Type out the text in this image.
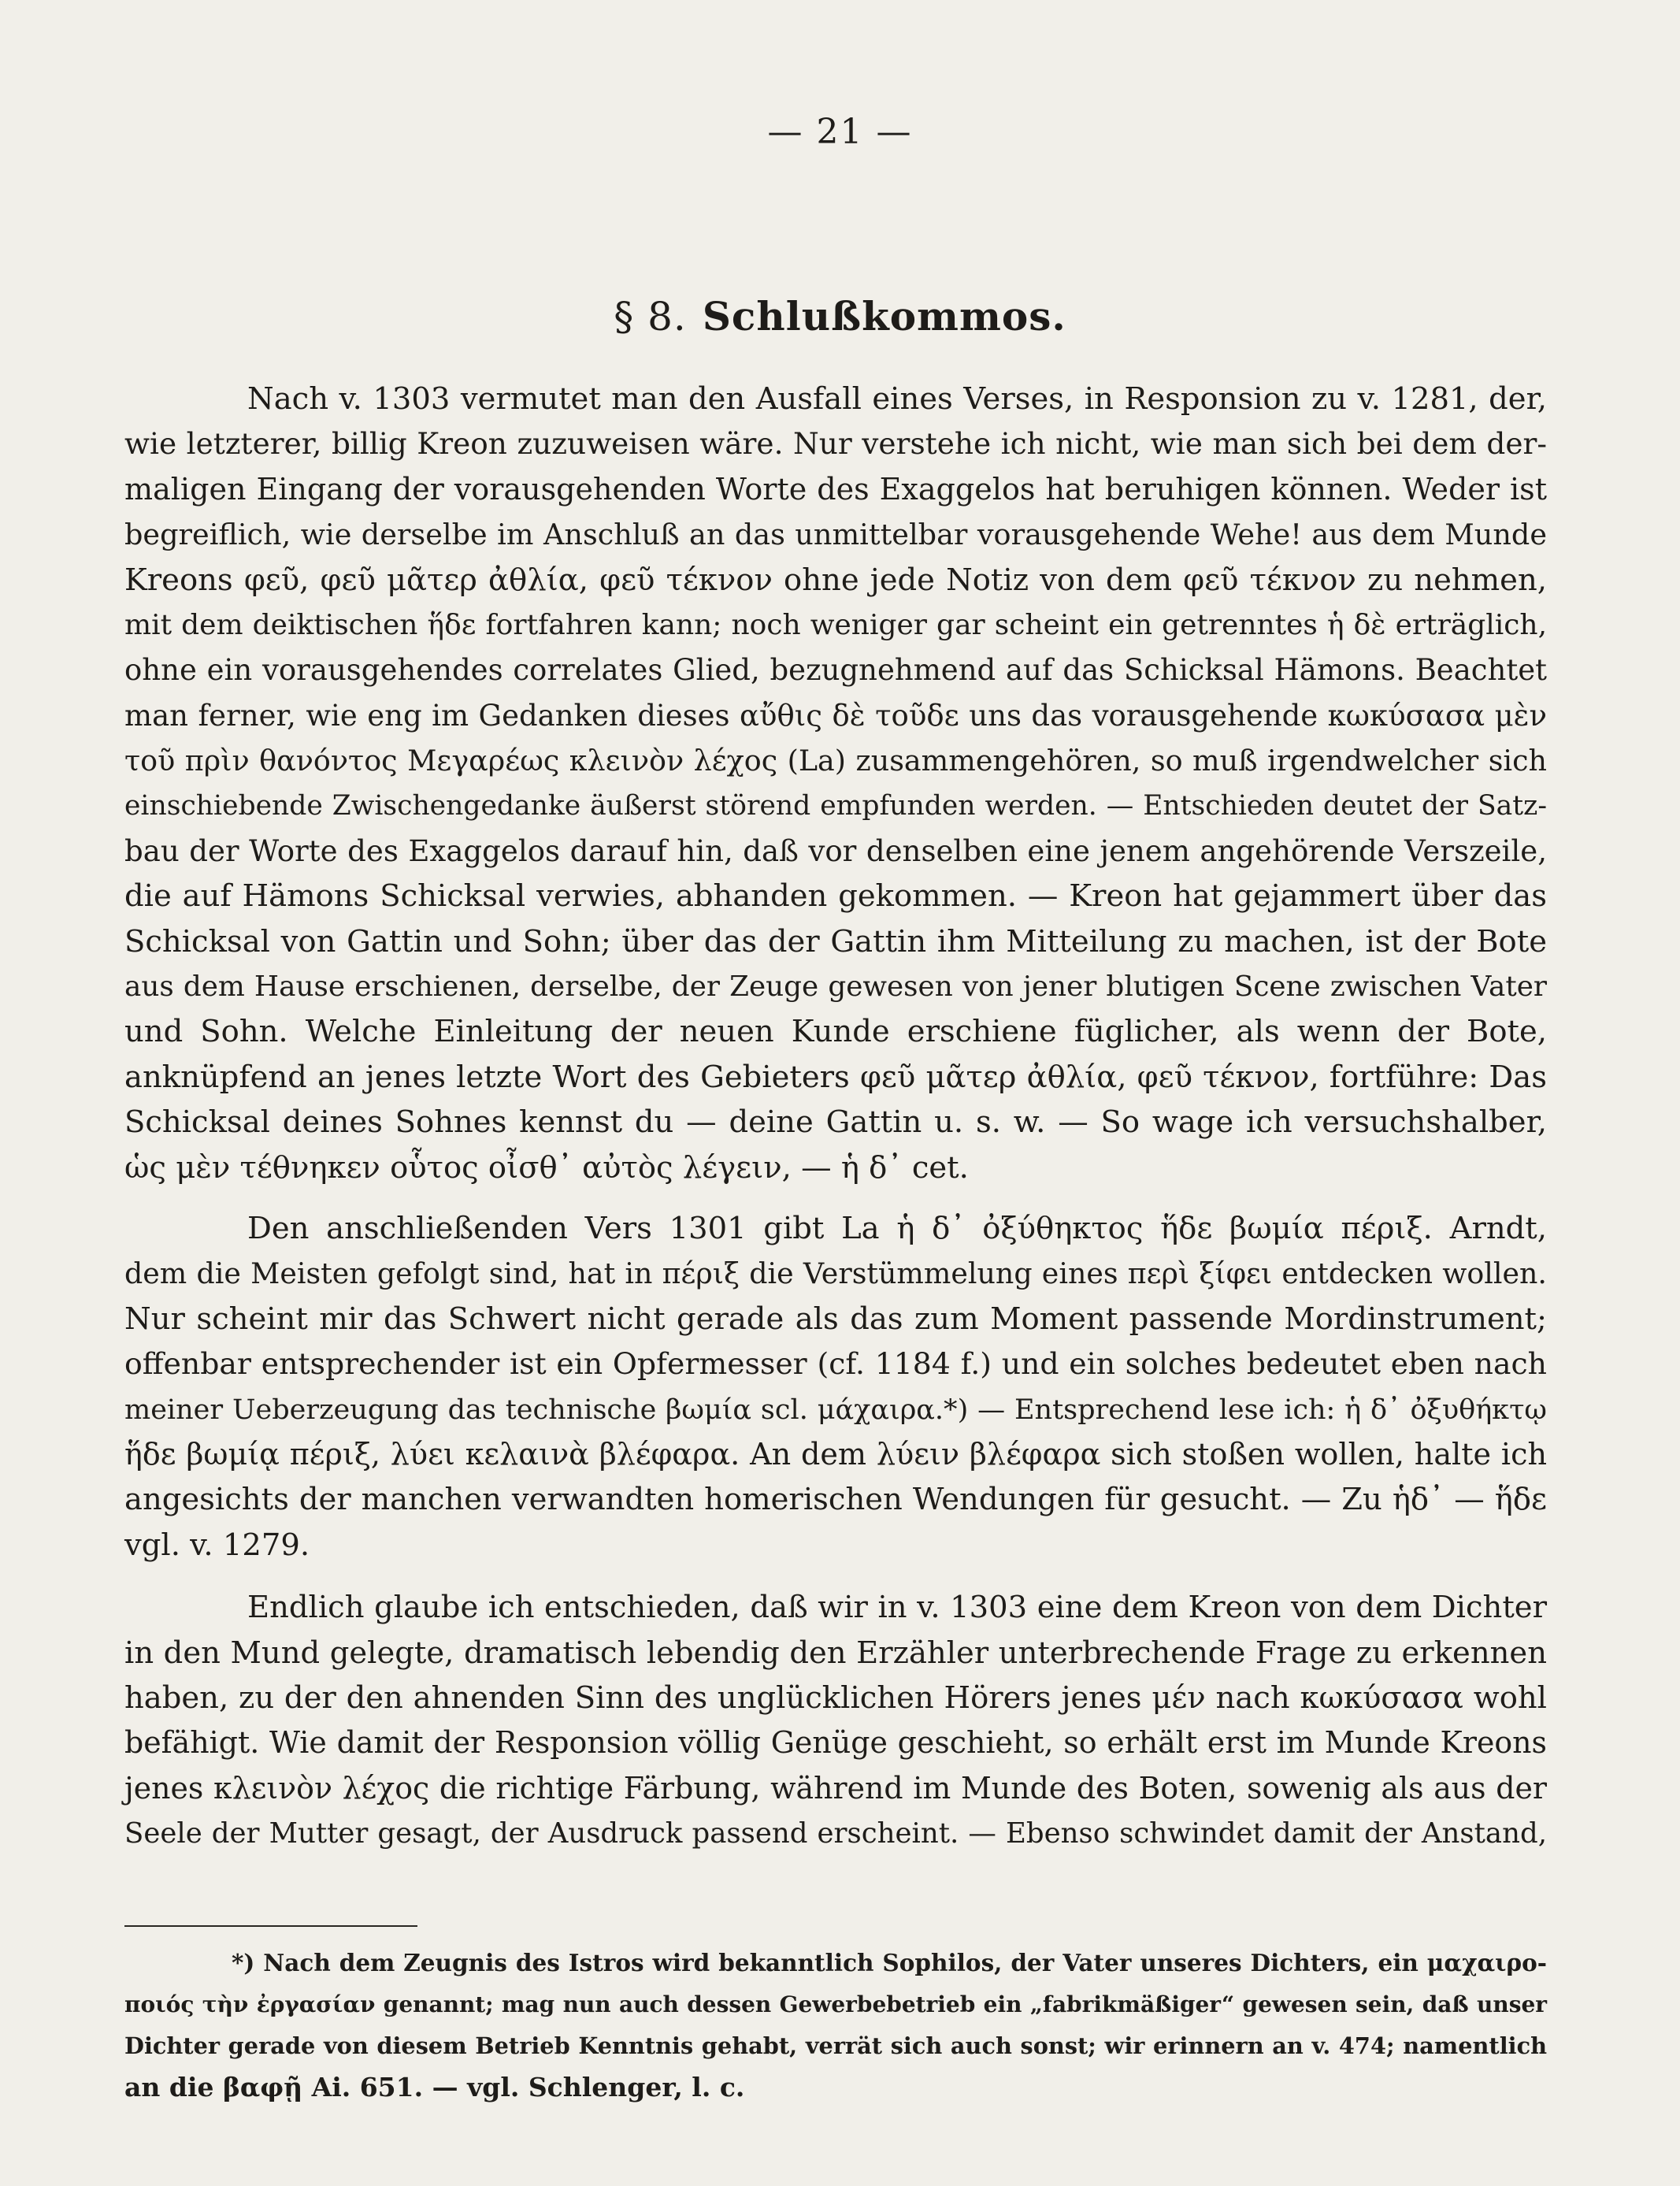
— 21 —
§ 8. Schlußkommos.
Nach v. 1303 vermutet man den Ausfall eines Verses, in Responsion zu v. 1281, der,
wie letzterer, billig Kreon zuzuweisen wäre. Nur verstehe ich nicht, wie man sich bei dem der-
maligen Eingang der vorausgehenden Worte des Exaggelos hat beruhigen können. Weder ist
begreiflich, wie derselbe im Anschluß an das unmittelbar vorausgehende Wehe! aus dem Munde
Kreons φεῦ, φεῦ μᾶτερ ἀθλία, φεῦ τέκνον ohne jede Notiz von dem φεῦ τέκνον zu nehmen,
mit dem deiktischen ἥδε fortfahren kann; noch weniger gar scheint ein getrenntes ἡ δὲ erträglich,
ohne ein vorausgehendes correlates Glied, bezugnehmend auf das Schicksal Hämons. Beachtet
man ferner, wie eng im Gedanken dieses αὔθις δὲ τοῦδε uns das vorausgehende κωκύσασα μὲν
τοῦ πρὶν θανόντος Μεγαρέως κλεινὸν λέχος (La) zusammengehören, so muß irgendwelcher sich
einschiebende Zwischengedanke äußerst störend empfunden werden. — Entschieden deutet der Satz-
bau der Worte des Exaggelos darauf hin, daß vor denselben eine jenem angehörende Verszeile,
die auf Hämons Schicksal verwies, abhanden gekommen. — Kreon hat gejammert über das
Schicksal von Gattin und Sohn; über das der Gattin ihm Mitteilung zu machen, ist der Bote
aus dem Hause erschienen, derselbe, der Zeuge gewesen von jener blutigen Scene zwischen Vater
und Sohn. Welche Einleitung der neuen Kunde erschiene füglicher, als wenn der Bote,
anknüpfend an jenes letzte Wort des Gebieters φεῦ μᾶτερ ἀθλία, φεῦ τέκνον, fortführe: Das
Schicksal deines Sohnes kennst du — deine Gattin u. s. w. — So wage ich versuchshalber,
ὡς μὲν τέθνηκεν οὗτος οἶσθ᾽ αὐτὸς λέγειν, — ἡ δ᾽ cet.
Den anschließenden Vers 1301 gibt La ἡ δ᾽ ὀξύθηκτος ἥδε βωμία πέριξ. Arndt,
dem die Meisten gefolgt sind, hat in πέριξ die Verstümmelung eines περὶ ξίφει entdecken wollen.
Nur scheint mir das Schwert nicht gerade als das zum Moment passende Mordinstrument;
offenbar entsprechender ist ein Opfermesser (cf. 1184 f.) und ein solches bedeutet eben nach
meiner Ueberzeugung das technische βωμία scl. μάχαιρα.*) — Entsprechend lese ich: ἡ δ᾽ ὀξυθήκτῳ
ἥδε βωμίᾳ πέριξ, λύει κελαινὰ βλέφαρα. An dem λύειν βλέφαρα sich stoßen wollen, halte ich
angesichts der manchen verwandten homerischen Wendungen für gesucht. — Zu ἡδ᾽ — ἥδε
vgl. v. 1279.
Endlich glaube ich entschieden, daß wir in v. 1303 eine dem Kreon von dem Dichter
in den Mund gelegte, dramatisch lebendig den Erzähler unterbrechende Frage zu erkennen
haben, zu der den ahnenden Sinn des unglücklichen Hörers jenes μέν nach κωκύσασα wohl
befähigt. Wie damit der Responsion völlig Genüge geschieht, so erhält erst im Munde Kreons
jenes κλεινὸν λέχος die richtige Färbung, während im Munde des Boten, sowenig als aus der
Seele der Mutter gesagt, der Ausdruck passend erscheint. — Ebenso schwindet damit der Anstand,
*) Nach dem Zeugnis des Istros wird bekanntlich Sophilos, der Vater unseres Dichters, ein μαχαιρο-
ποιός τὴν ἐργασίαν genannt; mag nun auch dessen Gewerbebetrieb ein „fabrikmäßiger“ gewesen sein, daß unser
Dichter gerade von diesem Betrieb Kenntnis gehabt, verrät sich auch sonst; wir erinnern an v. 474; namentlich
an die βαφῇ Ai. 651. — vgl. Schlenger, l. c.
